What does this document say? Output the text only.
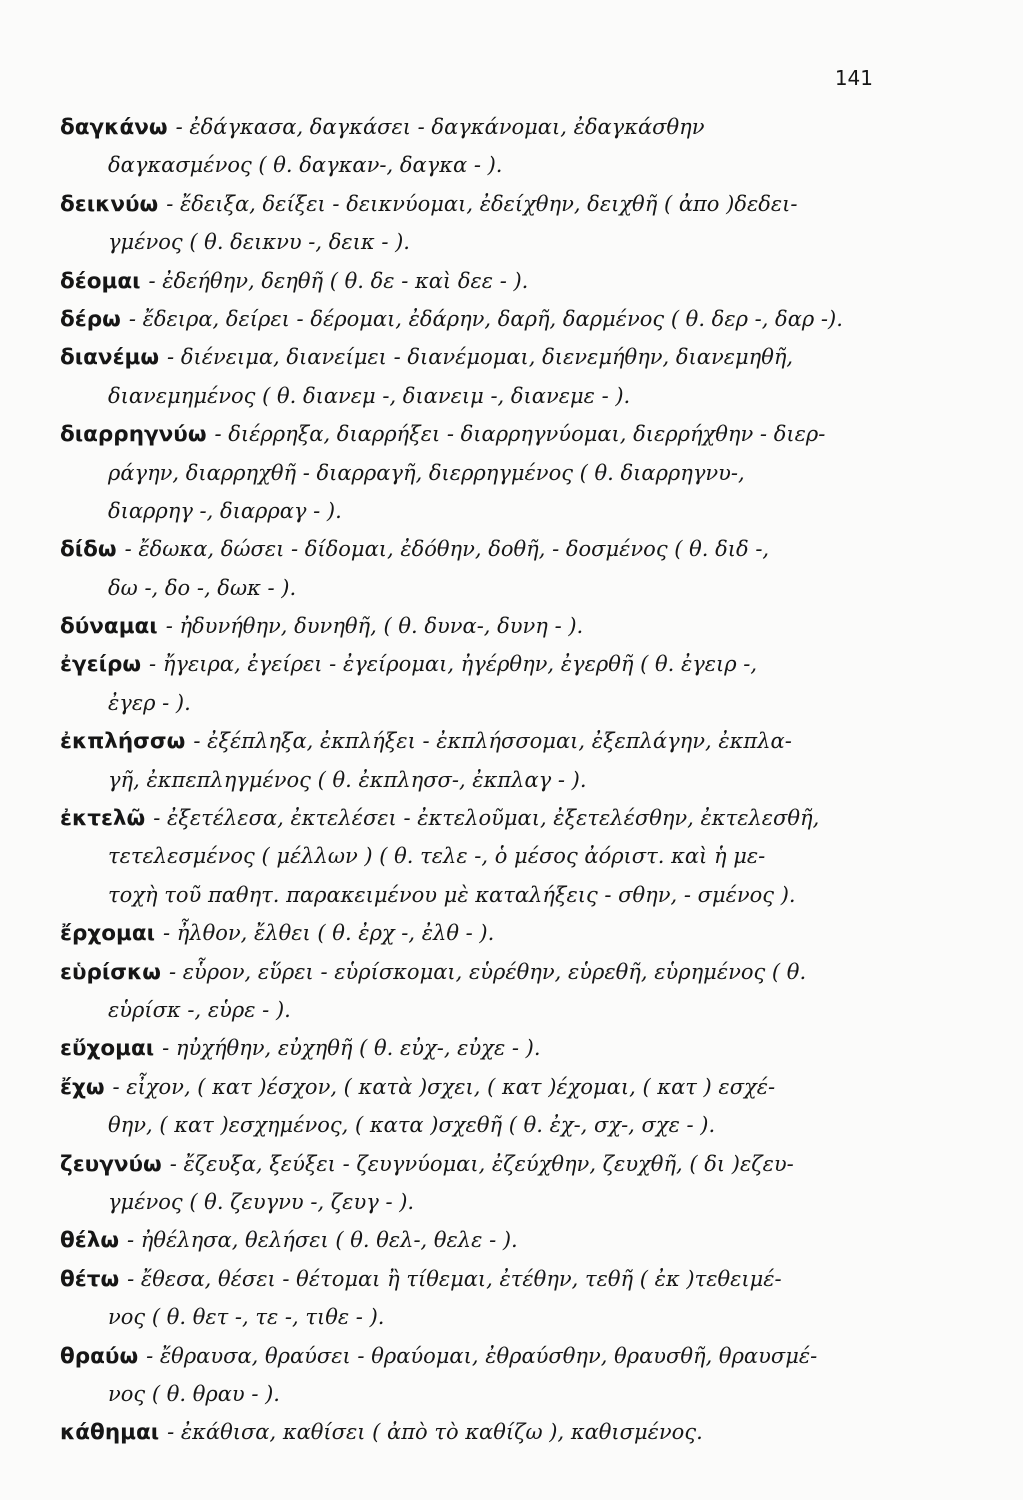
141
δαγκάνω - ἐδάγκασα, δαγκάσει - δαγκάνομαι, ἐδαγκάσθην
δαγκασμένος ( θ. δαγκαν-, δαγκα - ).
δεικνύω - ἔδειξα, δείξει - δεικνύομαι, ἐδείχθην, δειχθῆ ( ἀπο )δεδει-
γμένος ( θ. δεικνυ -, δεικ - ).
δέομαι - ἐδεήθην, δεηθῆ ( θ. δε - καὶ δεε - ).
δέρω - ἔδειρα, δείρει - δέρομαι, ἐδάρην, δαρῆ, δαρμένος ( θ. δερ -, δαρ -).
διανέμω - διένειμα, διανείμει - διανέμομαι, διενεμήθην, διανεμηθῆ,
διανεμημένος ( θ. διανεμ -, διανειμ -, διανεμε - ).
διαρρηγνύω - διέρρηξα, διαρρήξει - διαρρηγνύομαι, διερρήχθην - διερ-
ράγην, διαρρηχθῆ - διαρραγῆ, διερρηγμένος ( θ. διαρρηγνυ-,
διαρρηγ -, διαρραγ - ).
δίδω - ἔδωκα, δώσει - δίδομαι, ἐδόθην, δοθῆ, - δοσμένος ( θ. διδ -,
δω -, δο -, δωκ - ).
δύναμαι - ἠδυνήθην, δυνηθῆ, ( θ. δυνα-, δυνη - ).
ἐγείρω - ἤγειρα, ἐγείρει - ἐγείρομαι, ἠγέρθην, ἐγερθῆ ( θ. ἐγειρ -,
ἐγερ - ).
ἐκπλήσσω - ἐξέπληξα, ἐκπλήξει - ἐκπλήσσομαι, ἐξεπλάγην, ἐκπλα-
γῆ, ἐκπεπληγμένος ( θ. ἐκπλησσ-, ἐκπλαγ - ).
ἐκτελῶ - ἐξετέλεσα, ἐκτελέσει - ἐκτελοῦμαι, ἐξετελέσθην, ἐκτελεσθῆ,
τετελεσμένος ( μέλλων ) ( θ. τελε -, ὁ μέσος ἀόριστ. καὶ ἡ με-
τοχὴ τοῦ παθητ. παρακειμένου μὲ καταλήξεις - σθην, - σμένος ).
ἔρχομαι - ἦλθον, ἔλθει ( θ. ἐρχ -, ἐλθ - ).
εὑρίσκω - εὗρον, εὕρει - εὑρίσκομαι, εὑρέθην, εὑρεθῆ, εὑρημένος ( θ.
εὑρίσκ -, εὑρε - ).
εὔχομαι - ηὐχήθην, εὐχηθῆ ( θ. εὐχ-, εὐχε - ).
ἔχω - εἶχον, ( κατ )έσχον, ( κατὰ )σχει, ( κατ )έχομαι, ( κατ ) εσχέ-
θην, ( κατ )εσχημένος, ( κατα )σχεθῆ ( θ. ἐχ-, σχ-, σχε - ).
ζευγνύω - ἔζευξα, ξεύξει - ζευγνύομαι, ἐζεύχθην, ζευχθῆ, ( δι )εζευ-
γμένος ( θ. ζευγνυ -, ζευγ - ).
θέλω - ἠθέλησα, θελήσει ( θ. θελ-, θελε - ).
θέτω - ἔθεσα, θέσει - θέτομαι ἢ τίθεμαι, ἐτέθην, τεθῆ ( ἐκ )τεθειμέ-
νος ( θ. θετ -, τε -, τιθε - ).
θραύω - ἔθραυσα, θραύσει - θραύομαι, ἐθραύσθην, θραυσθῆ, θραυσμέ-
νος ( θ. θραυ - ).
κάθημαι - ἐκάθισα, καθίσει ( ἀπὸ τὸ καθίζω ), καθισμένος.
